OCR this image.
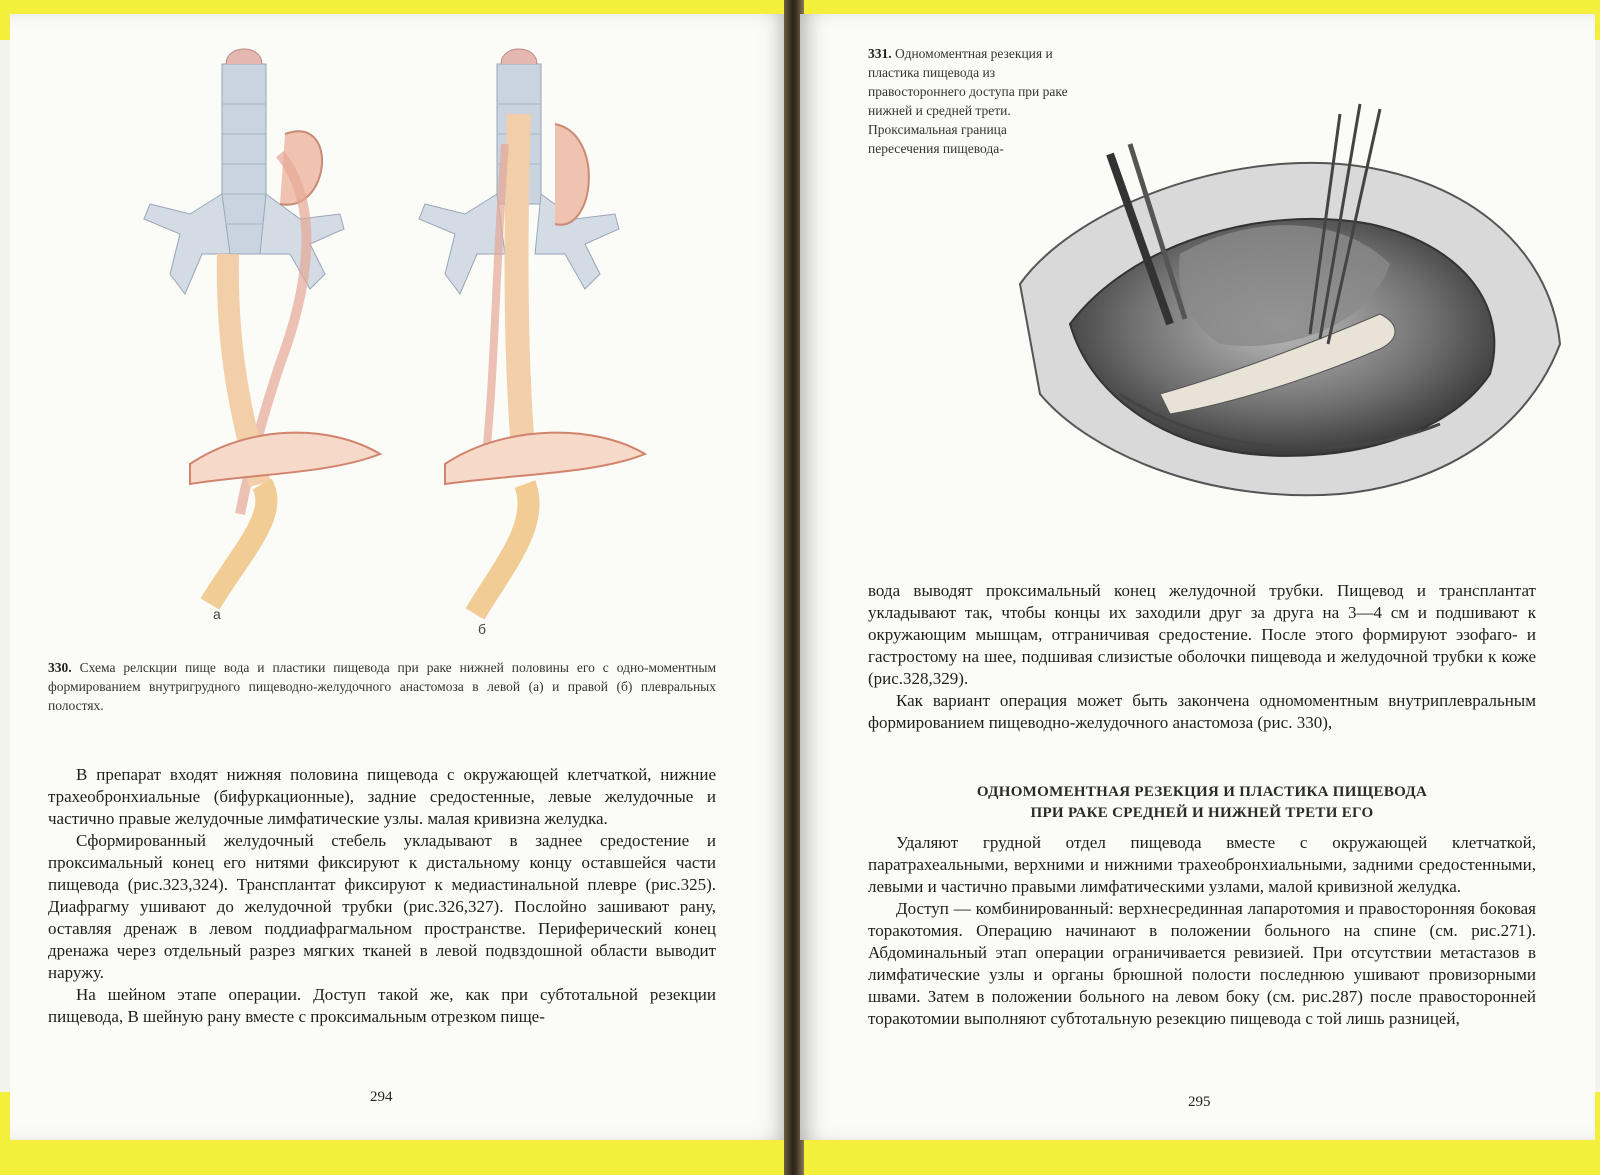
а
б
330. Схема релскции пище вода и пластики пищевода при раке нижней половины его с одно-моментным формированием внутригрудного пищеводно-желудочного анастомоза в левой (а) и правой (б) плевральных полостях.

В препарат входят нижняя половина пищевода с окружающей клетчаткой, нижние трахеобронхиальные (бифуркационные), задние средостенные, левые желудочные и частично правые желудочные лимфатические узлы. малая кривизна желудка.

Сформированный желудочный стебель укладывают в заднее средостение и проксимальный конец его нитями фиксируют к дистальному концу оставшейся части пищевода (рис.323,324). Трансплантат фиксируют к медиастинальной плевре (рис.325). Диафрагму ушивают до желудочной трубки (рис.326,327). Послойно зашивают рану, оставляя дренаж в левом поддиафрагмальном пространстве. Периферический конец дренажа через отдельный разрез мягких тканей в левой подвздошной области выводит наружу.

На шейном этапе операции. Доступ такой же, как при субтотальной резекции пищевода, В шейную рану вместе с проксимальным отрезком пище-

294
331. Одномоментная резекция и пластика пищевода из правостороннего доступа при раке нижней и средней трети. Проксимальная граница пересечения пищевода-

вода выводят проксимальный конец желудочной трубки. Пищевод и трансплантат укладывают так, чтобы концы их заходили друг за друга на 3—4 см и подшивают к окружающим мышцам, отграничивая средостение. После этого формируют эзофаго- и гастростому на шее, подшивая слизистые оболочки пищевода и желудочной трубки к коже (рис.328,329).

Как вариант операция может быть закончена одномоментным внутриплевральным формированием пищеводно-желудочного анастомоза (рис. 330),

ОДНОМОМЕНТНАЯ РЕЗЕКЦИЯ И ПЛАСТИКА ПИЩЕВОДА
ПРИ РАКЕ СРЕДНЕЙ И НИЖНЕЙ ТРЕТИ ЕГО

Удаляют грудной отдел пищевода вместе с окружающей клетчаткой, паратрахеальными, верхними и нижними трахеобронхиальными, задними средостенными, левыми и частично правыми лимфатическими узлами, малой кривизной желудка.

Доступ — комбинированный: верхнесрединная лапаротомия и правосторонняя боковая торакотомия. Операцию начинают в положении больного на спине (см. рис.271). Абдоминальный этап операции ограничивается ревизией. При отсутствии метастазов в лимфатические узлы и органы брюшной полости последнюю ушивают провизорными швами. Затем в положении больного на левом боку (см. рис.287) после правосторонней торакотомии выполняют субтотальную резекцию пищевода с той лишь разницей,

295
